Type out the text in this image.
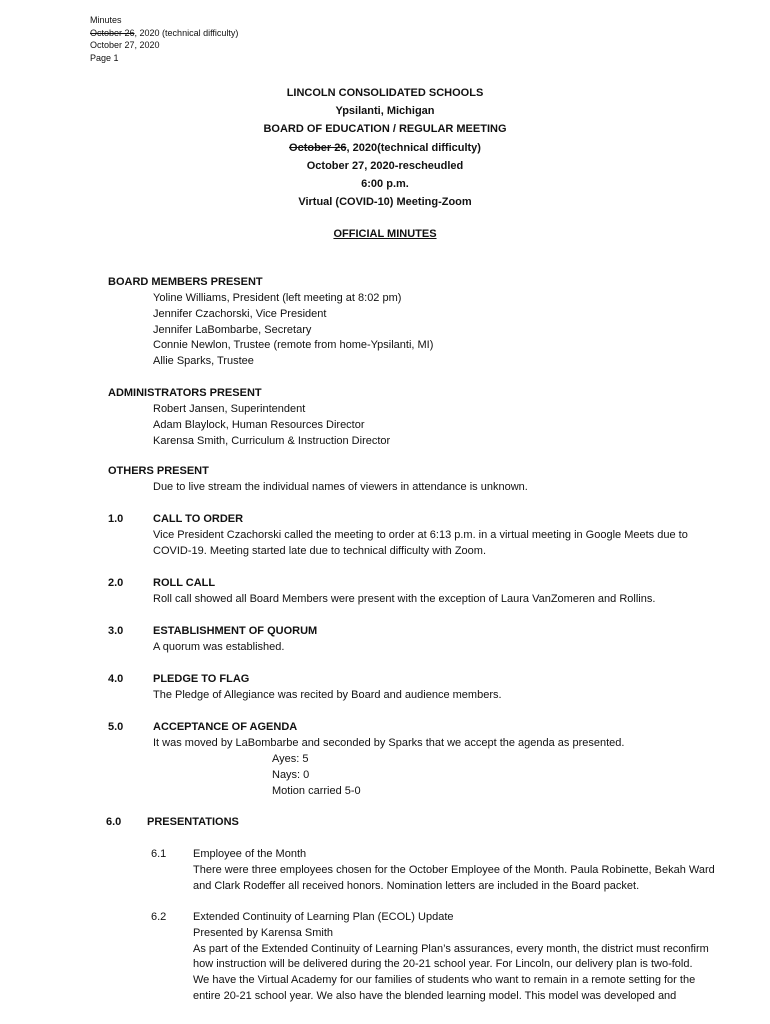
Minutes
October 26, 2020 (technical difficulty)
October 27, 2020
Page 1
LINCOLN CONSOLIDATED SCHOOLS
Ypsilanti, Michigan
BOARD OF EDUCATION / REGULAR MEETING
October 26, 2020(technical difficulty)
October 27, 2020-rescheudled
6:00 p.m.
Virtual (COVID-10) Meeting-Zoom
OFFICIAL MINUTES
BOARD MEMBERS PRESENT
Yoline Williams, President (left meeting at 8:02 pm)
Jennifer Czachorski, Vice President
Jennifer LaBombarbe, Secretary
Connie Newlon, Trustee (remote from home-Ypsilanti, MI)
Allie Sparks, Trustee
ADMINISTRATORS PRESENT
Robert Jansen, Superintendent
Adam Blaylock, Human Resources Director
Karensa Smith, Curriculum & Instruction Director
OTHERS PRESENT
Due to live stream the individual names of viewers in attendance is unknown.
1.0	CALL TO ORDER
Vice President Czachorski called the meeting to order at 6:13 p.m. in a virtual meeting in Google Meets due to
COVID-19. Meeting started late due to technical difficulty with Zoom.
2.0	ROLL CALL
Roll call showed all Board Members were present with the exception of Laura VanZomeren and Rollins.
3.0	ESTABLISHMENT OF QUORUM
A quorum was established.
4.0	PLEDGE TO FLAG
The Pledge of Allegiance was recited by Board and audience members.
5.0	ACCEPTANCE OF AGENDA
It was moved by LaBombarbe and seconded by Sparks that we accept the agenda as presented.
Ayes: 5
Nays: 0
Motion carried 5-0
6.0 PRESENTATIONS
6.1 Employee of the Month
There were three employees chosen for the October Employee of the Month. Paula Robinette, Bekah Ward
and Clark Rodeffer all received honors. Nomination letters are included in the Board packet.
6.2 Extended Continuity of Learning Plan (ECOL) Update
Presented by Karensa Smith
As part of the Extended Continuity of Learning Plan’s assurances, every month, the district must reconfirm
how instruction will be delivered during the 20-21 school year. For Lincoln, our delivery plan is two-fold.
We have the Virtual Academy for our families of students who want to remain in a remote setting for the
entire 20-21 school year. We also have the blended learning model. This model was developed and
